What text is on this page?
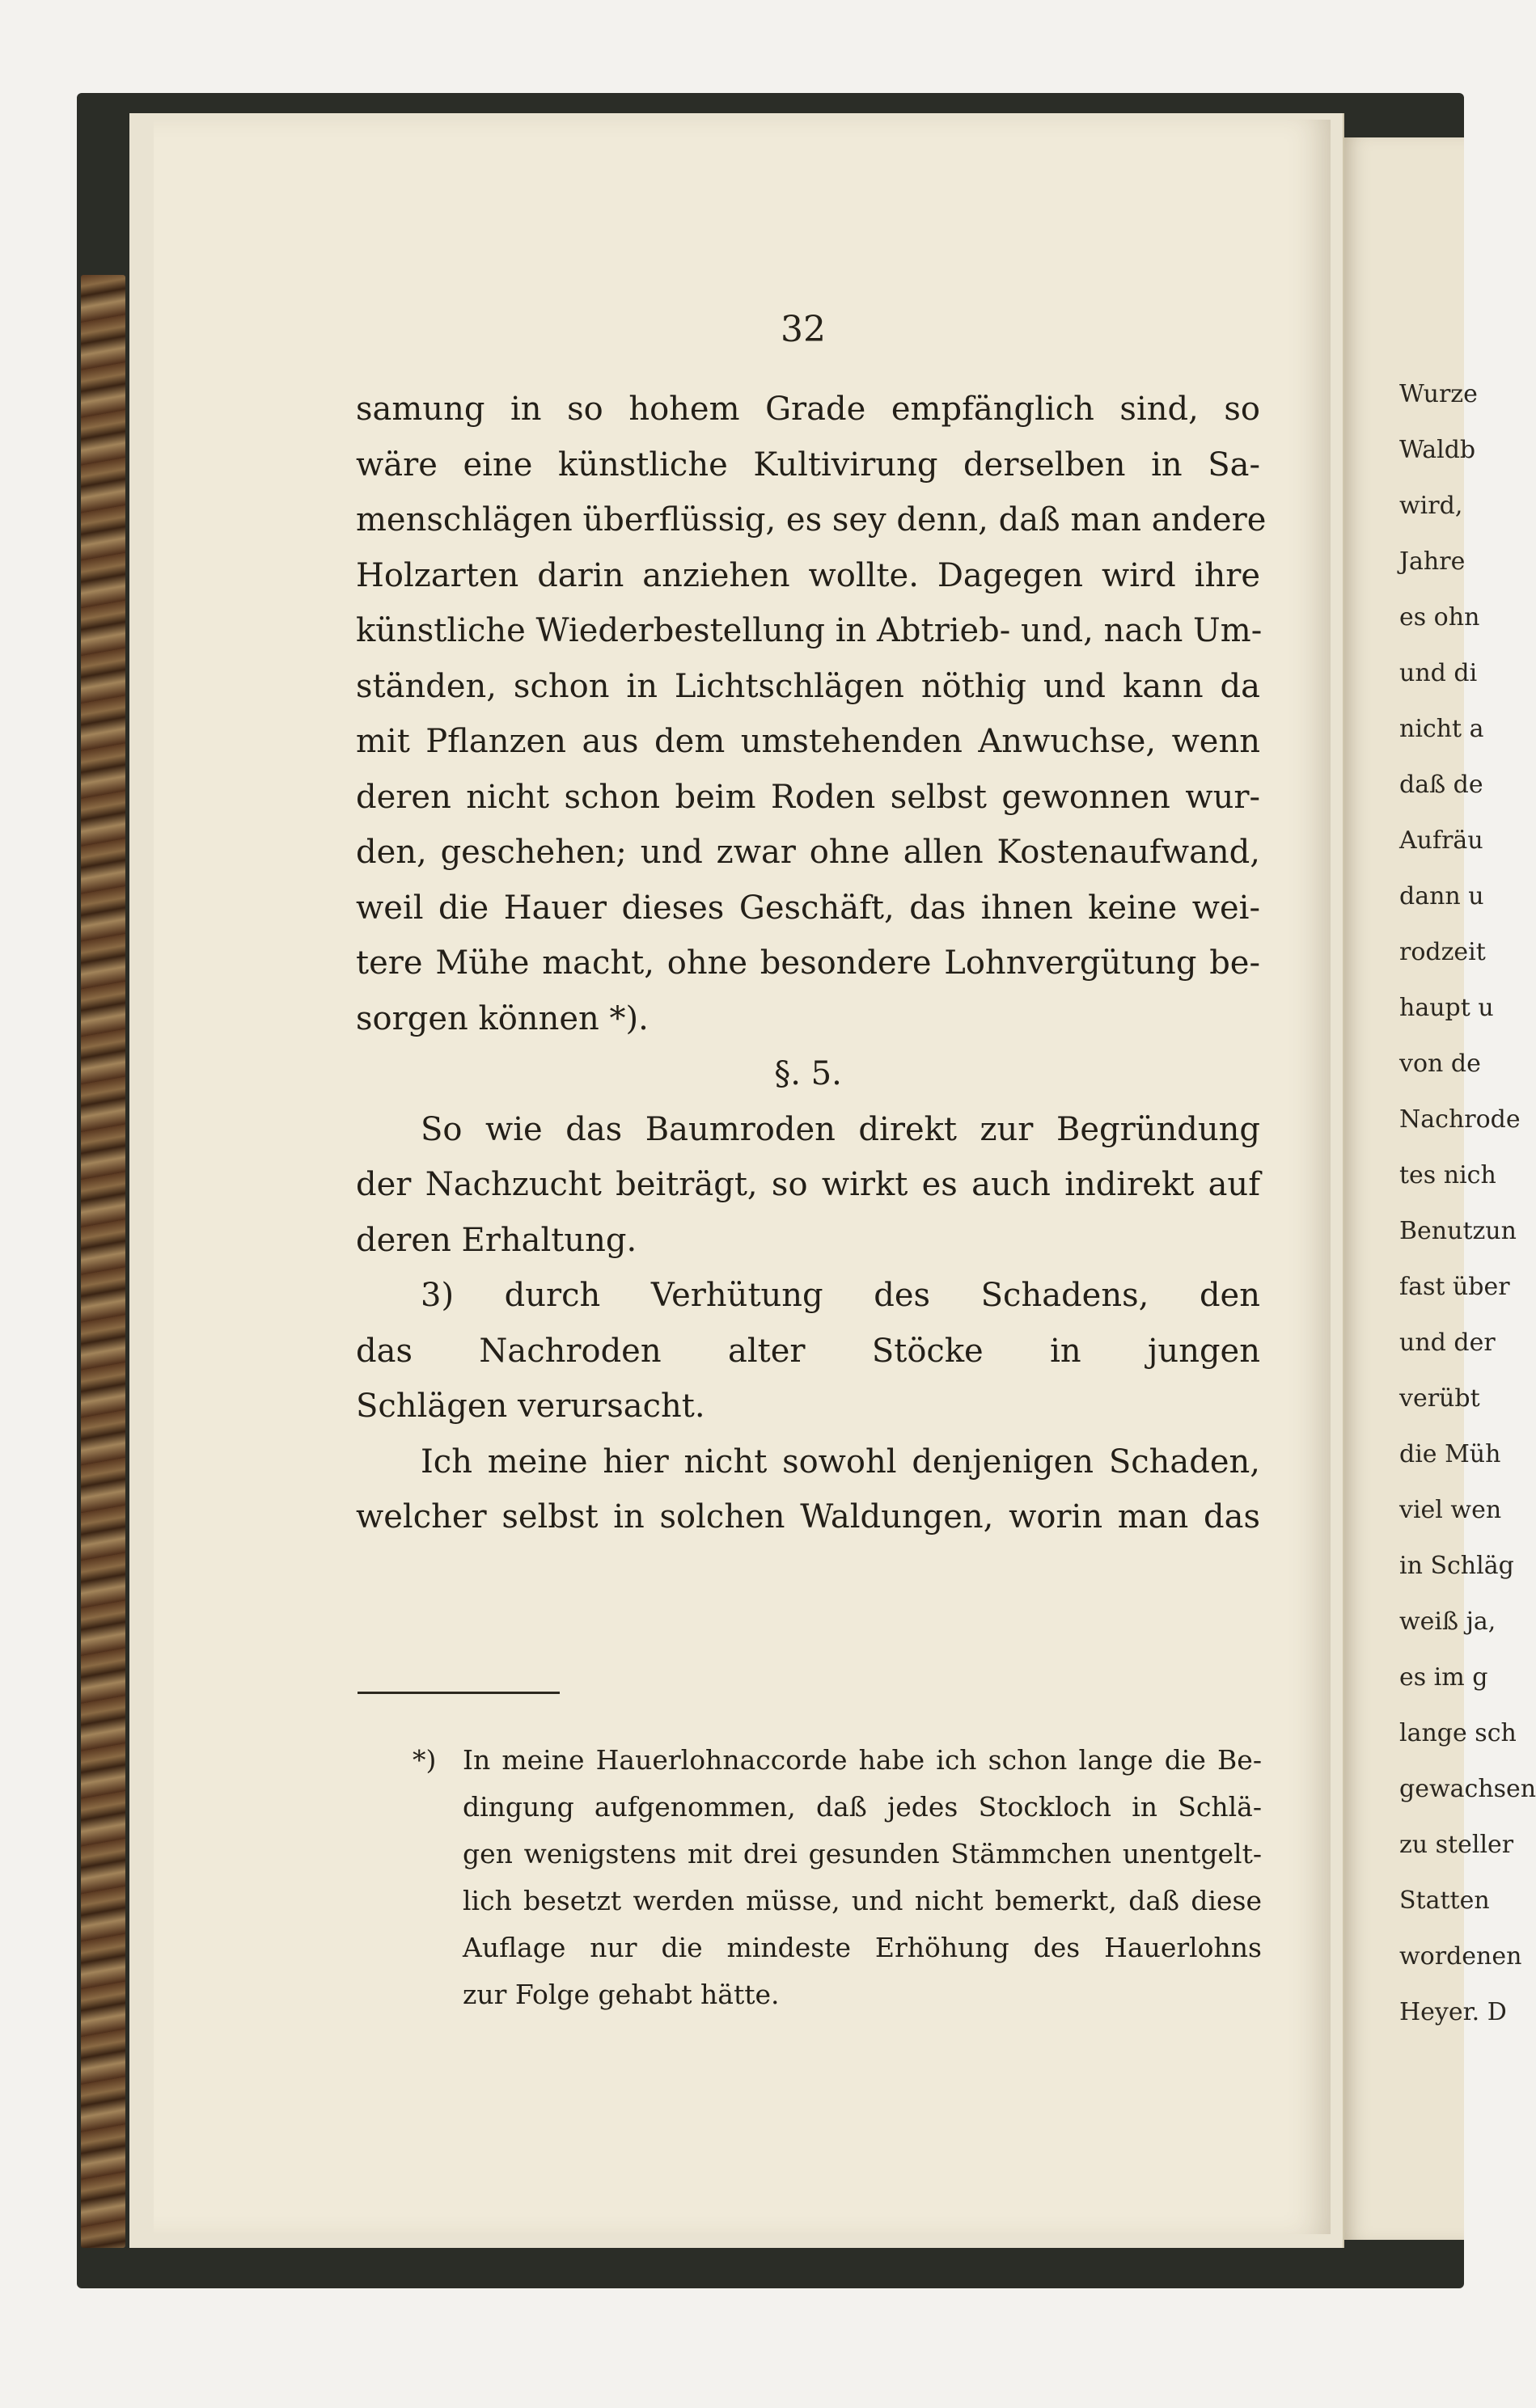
32
samung in so hohem Grade empfänglich sind, so
wäre eine künstliche Kultivirung derselben in Sa-
menschlägen überflüssig, es sey denn, daß man andere
Holzarten darin anziehen wollte. Dagegen wird ihre
künstliche Wiederbestellung in Abtrieb- und, nach Um-
ständen, schon in Lichtschlägen nöthig und kann da
mit Pflanzen aus dem umstehenden Anwuchse, wenn
deren nicht schon beim Roden selbst gewonnen wur-
den, geschehen; und zwar ohne allen Kostenaufwand,
weil die Hauer dieses Geschäft, das ihnen keine wei-
tere Mühe macht, ohne besondere Lohnvergütung be-
sorgen können *).
§. 5.
So wie das Baumroden direkt zur Begründung
der Nachzucht beiträgt, so wirkt es auch indirekt auf
deren Erhaltung.
3) durch Verhütung des Schadens, den
das Nachroden alter Stöcke in jungen
Schlägen verursacht.
Ich meine hier nicht sowohl denjenigen Schaden,
welcher selbst in solchen Waldungen, worin man das
*) In meine Hauerlohnaccorde habe ich schon lange die Be-
dingung aufgenommen, daß jedes Stockloch in Schlä-
gen wenigstens mit drei gesunden Stämmchen unentgelt-
lich besetzt werden müsse, und nicht bemerkt, daß diese
Auflage nur die mindeste Erhöhung des Hauerlohns
zur Folge gehabt hätte.
Wurze
Waldb
wird,
Jahre
es ohn
und di
nicht a
daß de
Aufräu
dann u
rodzeit
haupt u
von de
Nachrode
tes nich
Benutzun
fast über
und der
verübt
die Müh
viel wen
in Schläg
weiß ja,
es im g
lange sch
gewachsen
zu steller
Statten
wordenen
Heyer. D
